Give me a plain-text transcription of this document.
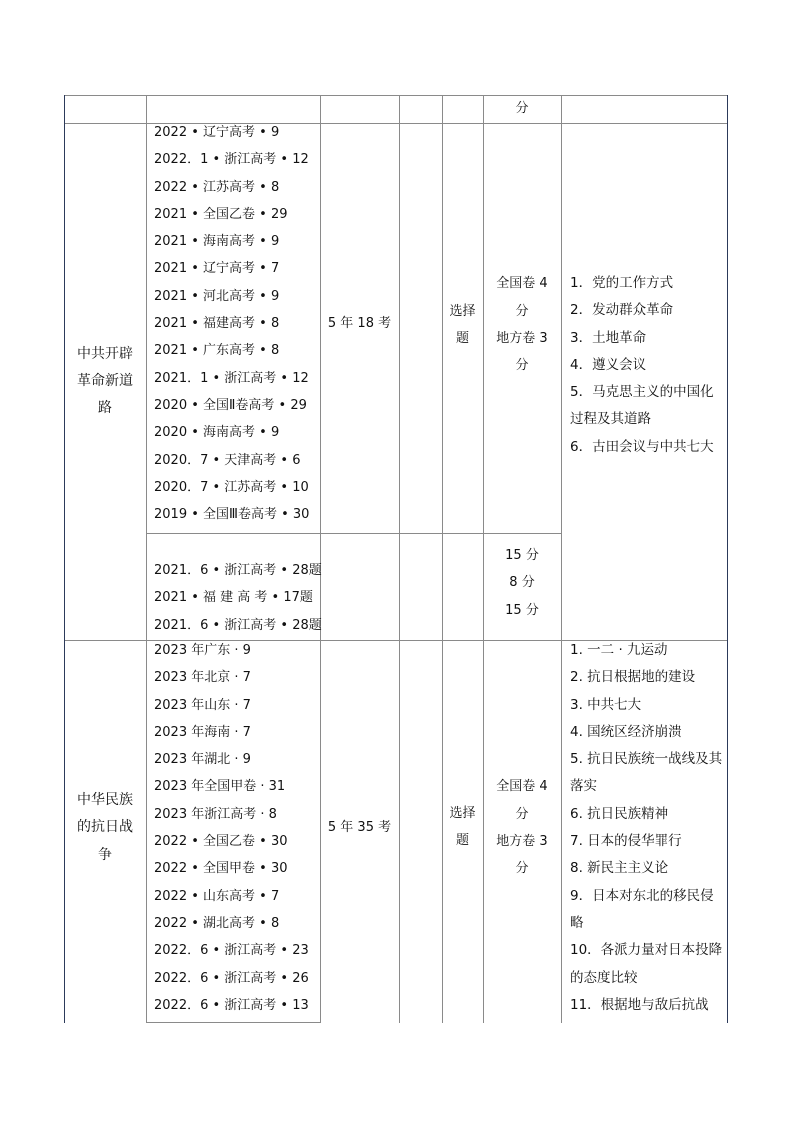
分
中共开辟
革命新道
路
2022 • 辽宁高考 • 9
2022．1 • 浙江高考 • 12
2022 • 江苏高考 • 8
2021 • 全国乙卷 • 29
2021 • 海南高考 • 9
2021 • 辽宁高考 • 7
2021 • 河北高考 • 9
2021 • 福建高考 • 8
2021 • 广东高考 • 8
2021．1 • 浙江高考 • 12
2020 • 全国Ⅱ卷高考 • 29
2020 • 海南高考 • 9
2020．7 • 天津高考 • 6
2020．7 • 江苏高考 • 10
2019 • 全国Ⅲ卷高考 • 30
5 年 18 考
选择
题
全国卷 4
分
地方卷 3
分
1．党的工作方式
2．发动群众革命
3．土地革命
4．遵义会议
5．马克思主义的中国化过程及其道路
6．古田会议与中共七大
2021．6 • 浙江高考 • 28题
2021 • 福 建 高 考 • 17题
2021．6 • 浙江高考 • 28题
15 分
8 分
15 分
中华民族
的抗日战
争
2023 年广东 · 9
2023 年北京 · 7
2023 年山东 · 7
2023 年海南 · 7
2023 年湖北 · 9
2023 年全国甲卷 · 31
2023 年浙江高考 · 8
2022 • 全国乙卷 • 30
2022 • 全国甲卷 • 30
2022 • 山东高考 • 7
2022 • 湖北高考 • 8
2022．6 • 浙江高考 • 23
2022．6 • 浙江高考 • 26
2022．6 • 浙江高考 • 13
5 年 35 考
选择
题
全国卷 4
分
地方卷 3
分
1. 一二 · 九运动
2. 抗日根据地的建设
3. 中共七大
4. 国统区经济崩溃
5. 抗日民族统一战线及其落实
6. 抗日民族精神
7. 日本的侵华罪行
8. 新民主主义论
9．日本对东北的移民侵略
10．各派力量对日本投降的态度比较
11．根据地与敌后抗战
